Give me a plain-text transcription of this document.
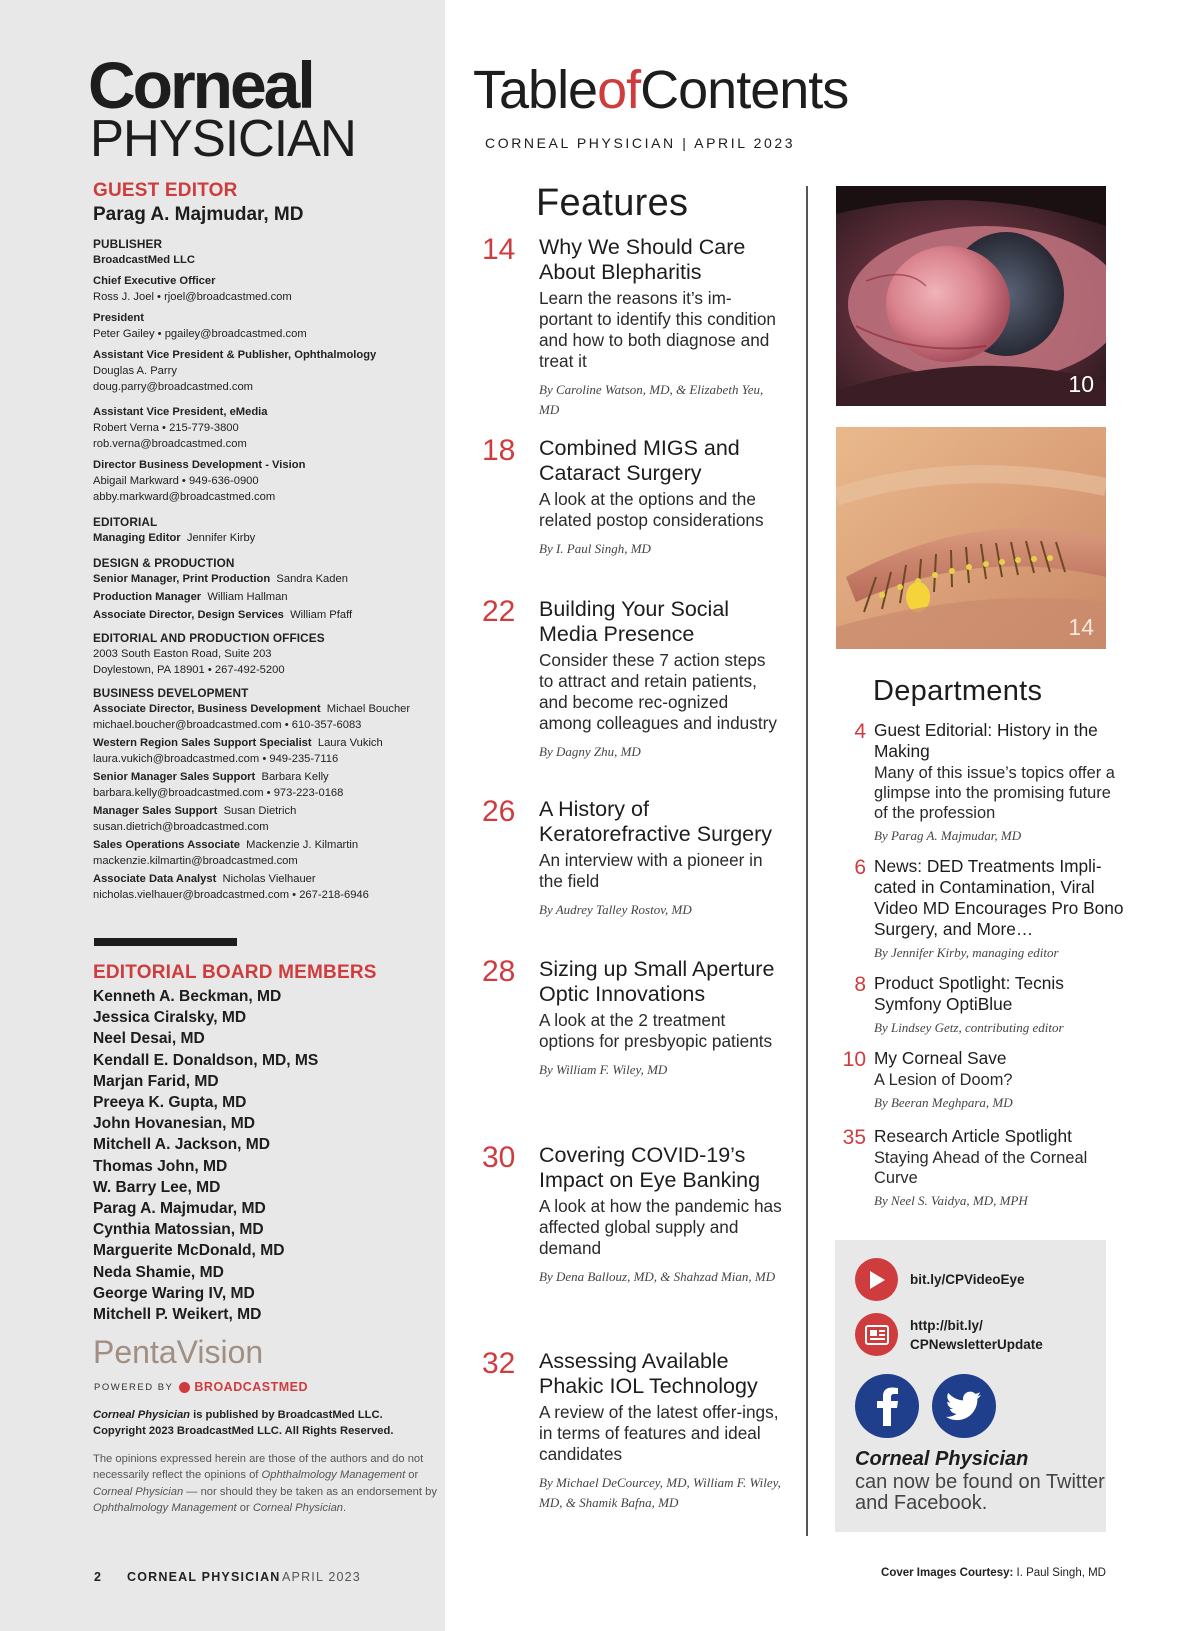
Corneal
PHYSICIAN
GUEST EDITOR
Parag A. Majmudar, MD
PUBLISHER
BroadcastMed LLC
Chief Executive Officer
Ross J. Joel • rjoel@broadcastmed.com
President
Peter Gailey • pgailey@broadcastmed.com
Assistant Vice President & Publisher, Ophthalmology
Douglas A. Parry
doug.parry@broadcastmed.com
Assistant Vice President, eMedia
Robert Verna • 215-779-3800
rob.verna@broadcastmed.com
Director Business Development - Vision
Abigail Markward • 949-636-0900
abby.markward@broadcastmed.com
EDITORIAL
Managing Editor Jennifer Kirby
DESIGN & PRODUCTION
Senior Manager, Print Production Sandra Kaden
Production Manager William Hallman
Associate Director, Design Services William Pfaff
EDITORIAL AND PRODUCTION OFFICES
2003 South Easton Road, Suite 203
Doylestown, PA 18901 • 267-492-5200
BUSINESS DEVELOPMENT
Associate Director, Business Development Michael Boucher
michael.boucher@broadcastmed.com • 610-357-6083
Western Region Sales Support Specialist Laura Vukich
laura.vukich@broadcastmed.com • 949-235-7116
Senior Manager Sales Support Barbara Kelly
barbara.kelly@broadcastmed.com • 973-223-0168
Manager Sales Support Susan Dietrich
susan.dietrich@broadcastmed.com
Sales Operations Associate Mackenzie J. Kilmartin
mackenzie.kilmartin@broadcastmed.com
Associate Data Analyst Nicholas Vielhauer
nicholas.vielhauer@broadcastmed.com • 267-218-6946
EDITORIAL BOARD MEMBERS
Kenneth A. Beckman, MD
Jessica Ciralsky, MD
Neel Desai, MD
Kendall E. Donaldson, MD, MS
Marjan Farid, MD
Preeya K. Gupta, MD
John Hovanesian, MD
Mitchell A. Jackson, MD
Thomas John, MD
W. Barry Lee, MD
Parag A. Majmudar, MD
Cynthia Matossian, MD
Marguerite McDonald, MD
Neda Shamie, MD
George Waring IV, MD
Mitchell P. Weikert, MD
PentaVision
POWERED BY BROADCASTMED
Corneal Physician is published by BroadcastMed LLC.
Copyright 2023 BroadcastMed LLC. All Rights Reserved.
The opinions expressed herein are those of the authors and do not necessarily reflect the opinions of Ophthalmology Management or Corneal Physician — nor should they be taken as an endorsement by Ophthalmology Management or Corneal Physician.
2 CORNEAL PHYSICIAN APRIL 2023
TableofContents
CORNEAL PHYSICIAN | APRIL 2023
Features
14 Why We Should Care About Blepharitis
Learn the reasons it’s im-portant to identify this condition and how to both diagnose and treat it
By Caroline Watson, MD, & Elizabeth Yeu, MD
18 Combined MIGS and Cataract Surgery
A look at the options and the related postop considerations
By I. Paul Singh, MD
22 Building Your Social Media Presence
Consider these 7 action steps to attract and retain patients, and become rec-ognized among colleagues and industry
By Dagny Zhu, MD
26 A History of Keratorefractive Surgery
An interview with a pioneer in the field
By Audrey Talley Rostov, MD
28 Sizing up Small Aperture Optic Innovations
A look at the 2 treatment options for presbyopic patients
By William F. Wiley, MD
30 Covering COVID-19’s Impact on Eye Banking
A look at how the pandemic has affected global supply and demand
By Dena Ballouz, MD, & Shahzad Mian, MD
32 Assessing Available Phakic IOL Technology
A review of the latest offer-ings, in terms of features and ideal candidates
By Michael DeCourcey, MD, William F. Wiley, MD, & Shamik Bafna, MD
10
14
Departments
4 Guest Editorial: History in the Making
Many of this issue’s topics offer a glimpse into the promising future of the profession
By Parag A. Majmudar, MD
6 News: DED Treatments Impli-cated in Contamination, Viral Video MD Encourages Pro Bono Surgery, and More…
By Jennifer Kirby, managing editor
8 Product Spotlight: Tecnis Symfony OptiBlue
By Lindsey Getz, contributing editor
10 My Corneal Save
A Lesion of Doom?
By Beeran Meghpara, MD
35 Research Article Spotlight
Staying Ahead of the Corneal Curve
By Neel S. Vaidya, MD, MPH
bit.ly/CPVideoEye
http://bit.ly/ CPNewsletterUpdate
Corneal Physician
can now be found on Twitter and Facebook.
Cover Images Courtesy: I. Paul Singh, MD
